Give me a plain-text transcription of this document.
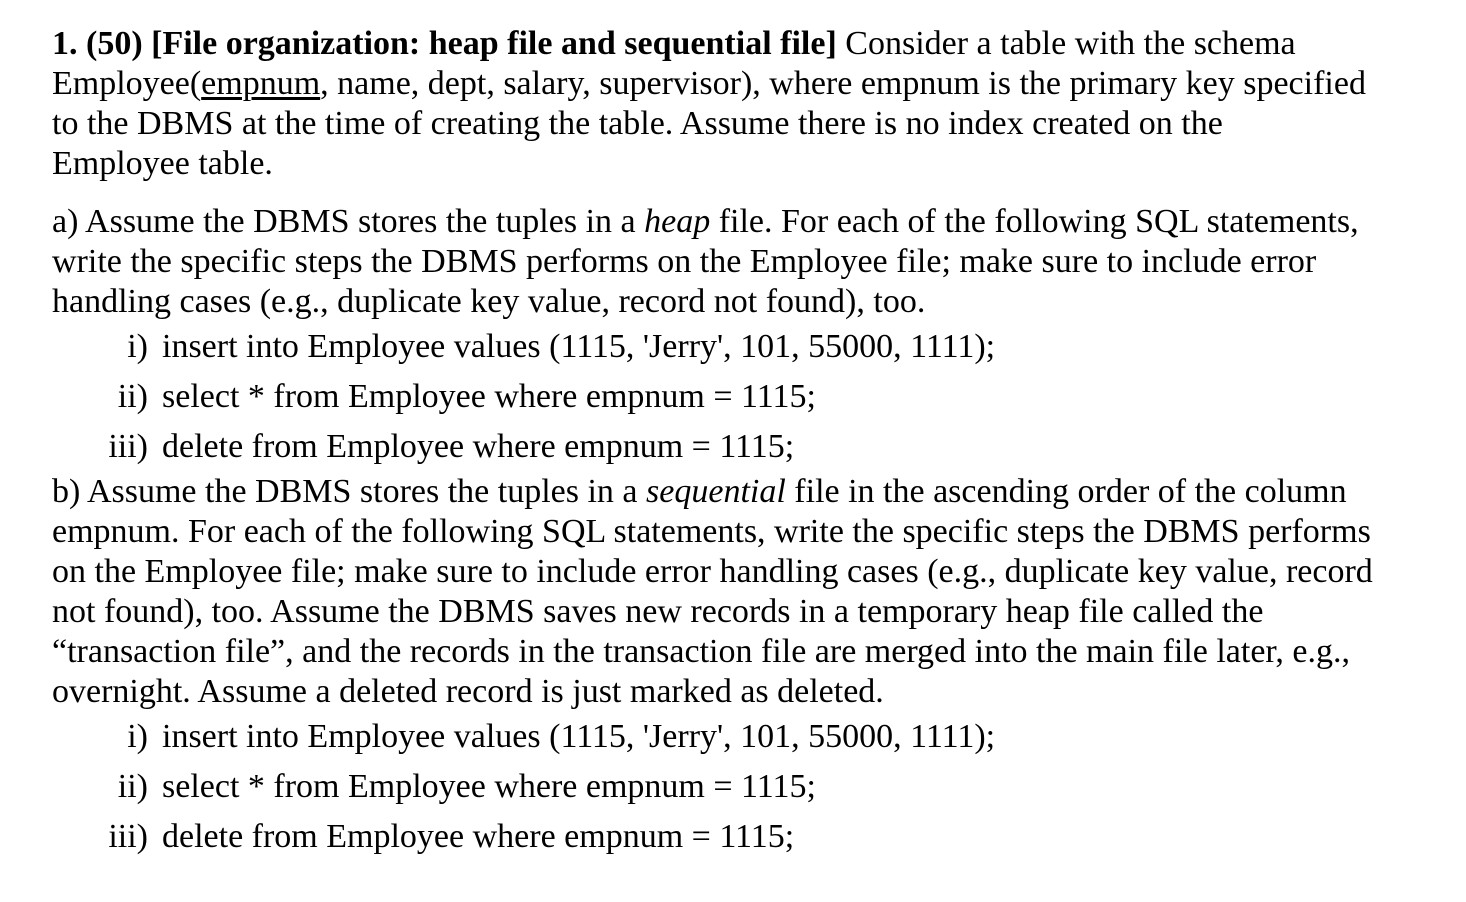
1. (50) [File organization: heap file and sequential file] Consider a table with the schema
Employee(empnum, name, dept, salary, supervisor), where empnum is the primary key specified
to the DBMS at the time of creating the table. Assume there is no index created on the
Employee table.
a) Assume the DBMS stores the tuples in a heap file. For each of the following SQL statements,
write the specific steps the DBMS performs on the Employee file; make sure to include error
handling cases (e.g., duplicate key value, record not found), too.
i) insert into Employee values (1115, 'Jerry', 101, 55000, 1111);
ii) select * from Employee where empnum = 1115;
iii) delete from Employee where empnum = 1115;
b) Assume the DBMS stores the tuples in a sequential file in the ascending order of the column
empnum. For each of the following SQL statements, write the specific steps the DBMS performs
on the Employee file; make sure to include error handling cases (e.g., duplicate key value, record
not found), too. Assume the DBMS saves new records in a temporary heap file called the
“transaction file”, and the records in the transaction file are merged into the main file later, e.g.,
overnight. Assume a deleted record is just marked as deleted.
i) insert into Employee values (1115, 'Jerry', 101, 55000, 1111);
ii) select * from Employee where empnum = 1115;
iii) delete from Employee where empnum = 1115;
